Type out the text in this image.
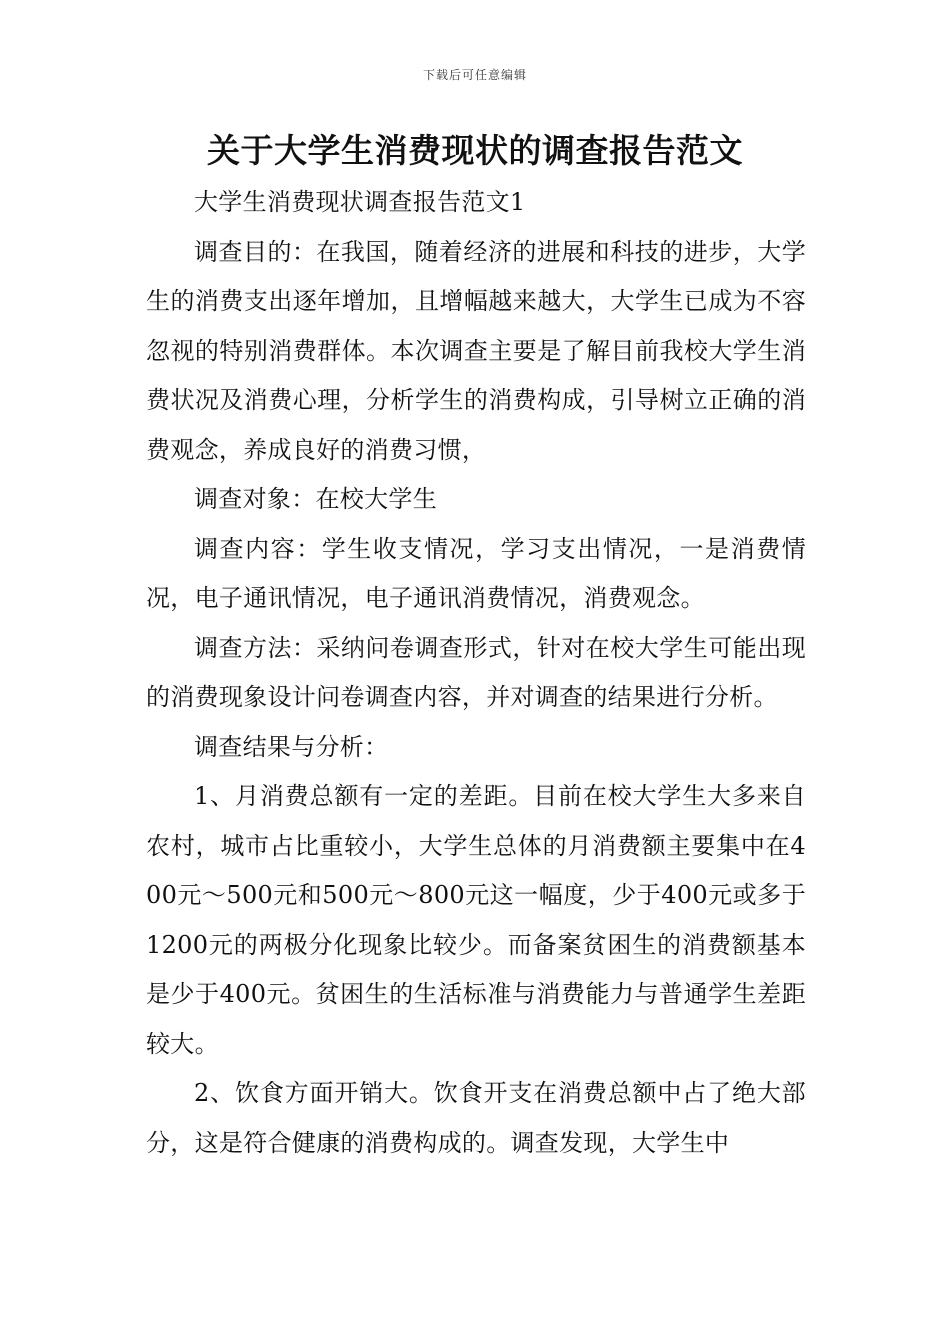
下载后可任意编辑
关于大学生消费现状的调查报告范文

大学生消费现状调查报告范文1

调查目的：在我国，随着经济的进展和科技的进步，大学生的消费支出逐年增加，且增幅越来越大，大学生已成为不容忽视的特别消费群体。本次调查主要是了解目前我校大学生消费状况及消费心理，分析学生的消费构成，引导树立正确的消费观念，养成良好的消费习惯，

调查对象：在校大学生

调查内容：学生收支情况，学习支出情况，一是消费情况，电子通讯情况，电子通讯消费情况，消费观念。

调查方法：采纳问卷调查形式，针对在校大学生可能出现的消费现象设计问卷调查内容，并对调查的结果进行分析。

调查结果与分析：

1、月消费总额有一定的差距。目前在校大学生大多来自农村，城市占比重较小，大学生总体的月消费额主要集中在400元～500元和500元～800元这一幅度，少于400元或多于1200元的两极分化现象比较少。而备案贫困生的消费额基本是少于400元。贫困生的生活标准与消费能力与普通学生差距较大。

2、饮食方面开销大。饮食开支在消费总额中占了绝大部分，这是符合健康的消费构成的。调查发现，大学生中
